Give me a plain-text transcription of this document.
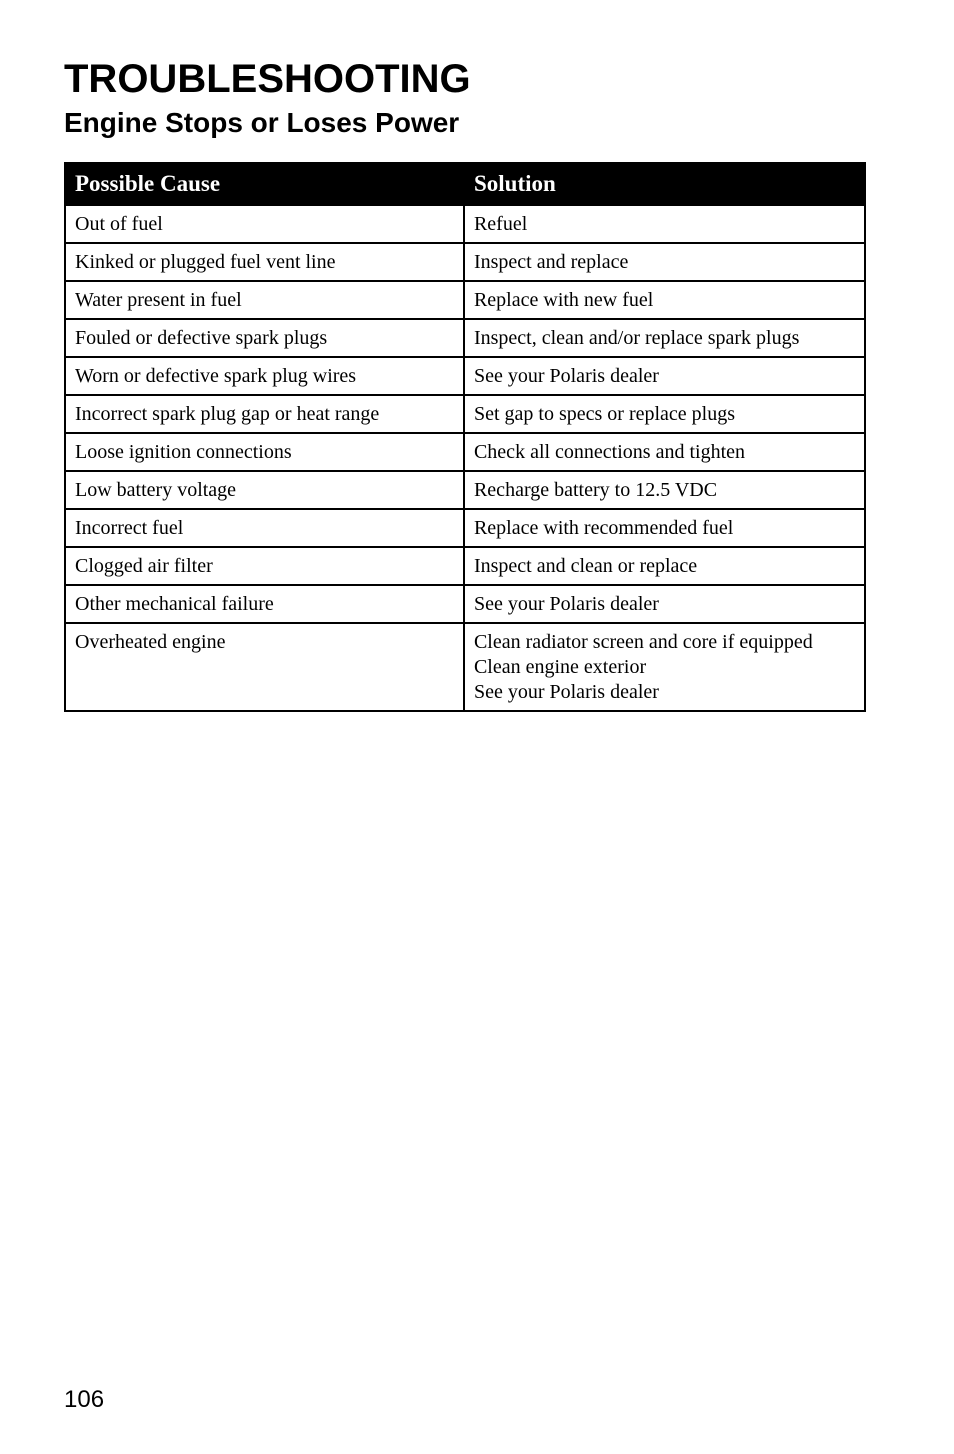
TROUBLESHOOTING
Engine Stops or Loses Power
Possible Cause	Solution
Out of fuel	Refuel

Kinked or plugged fuel vent line	Inspect and replace

Water present in fuel	Replace with new fuel

Fouled or defective spark plugs	Inspect, clean and/or replace spark plugs

Worn or defective spark plug wires	See your Polaris dealer

Incorrect spark plug gap or heat range	Set gap to specs or replace plugs

Loose ignition connections	Check all connections and tighten

Low battery voltage	Recharge battery to 12.5 VDC

Incorrect fuel	Replace with recommended fuel

Clogged air filter	Inspect and clean or replace

Other mechanical failure	See your Polaris dealer

Overheated engine	Clean radiator screen and core if equipped
Clean engine exterior
See your Polaris dealer

106
